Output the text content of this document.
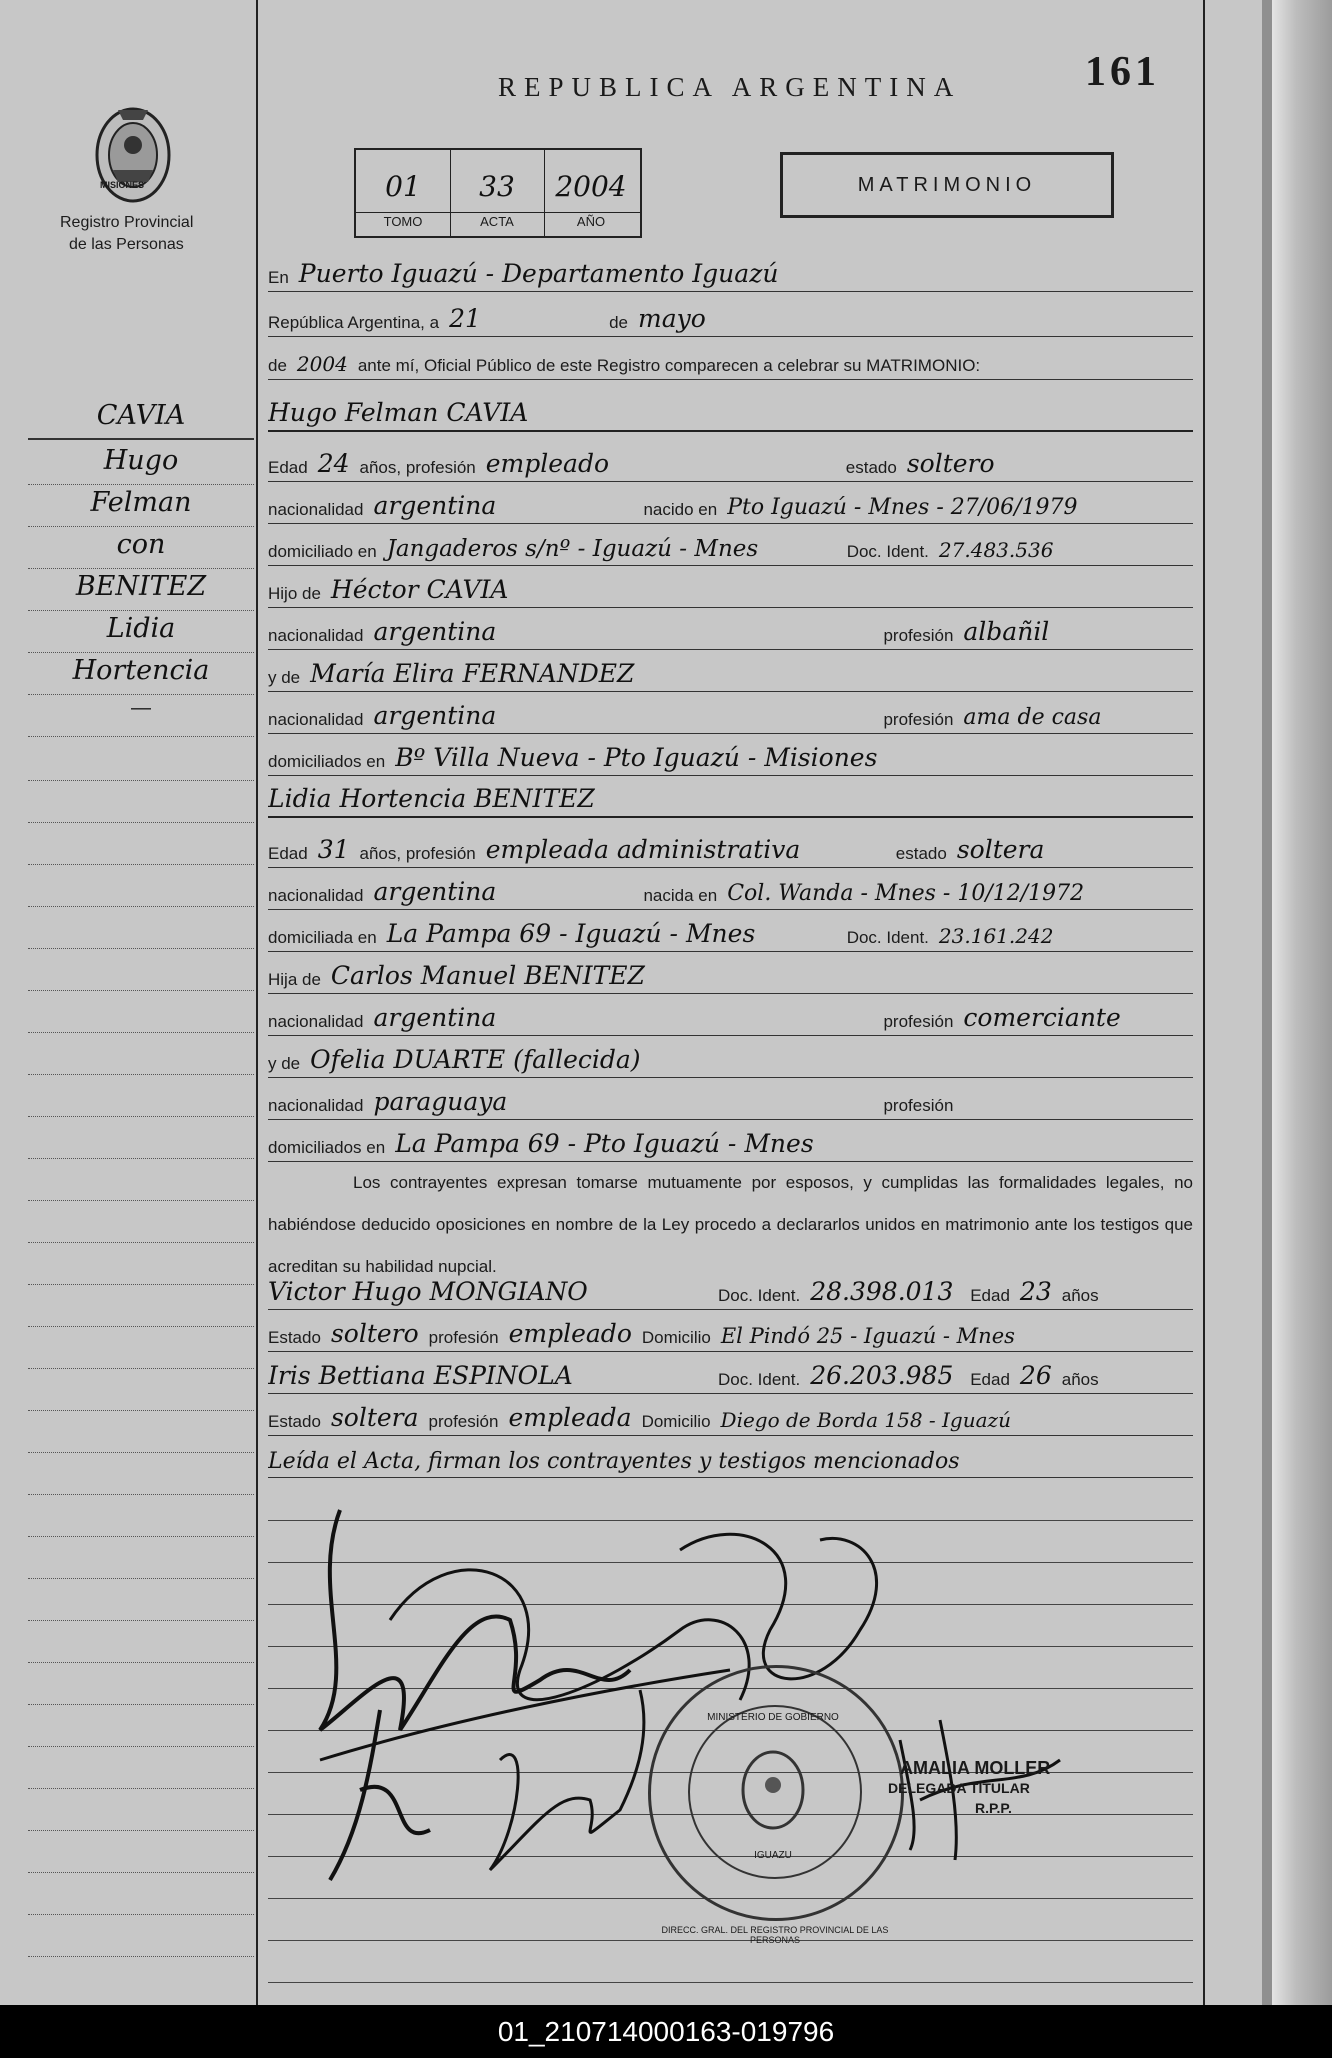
MISIONES
Registro Provincial
de las Personas
REPUBLICA ARGENTINA	161
01	33	2004
TOMO	ACTA	AÑO
MATRIMONIO
CAVIA
Hugo
Felman
con
BENITEZ
Lidia
Hortencia
—
En Puerto Iguazú - Departamento Iguazú
República Argentina, a 21	de mayo
de 2004 ante mí, Oficial Público de este Registro comparecen a celebrar su MATRIMONIO:
Hugo Felman CAVIA
Edad 24 años, profesión empleado	estado soltero
nacionalidad argentina	nacido en Pto Iguazú - Mnes - 27/06/1979
domiciliado en Jangaderos s/nº - Iguazú - Mnes	Doc. Ident. 27.483.536
Hijo de Héctor CAVIA
nacionalidad argentina	profesión albañil
y de María Elira FERNANDEZ
nacionalidad argentina	profesión ama de casa
domiciliados en Bº Villa Nueva - Pto Iguazú - Misiones
Lidia Hortencia BENITEZ
Edad 31 años, profesión empleada administrativa	estado soltera
nacionalidad argentina	nacida en Col. Wanda - Mnes - 10/12/1972
domiciliada en La Pampa 69 - Iguazú - Mnes	Doc. Ident. 23.161.242
Hija de Carlos Manuel BENITEZ
nacionalidad argentina	profesión comerciante
y de Ofelia DUARTE (fallecida)
nacionalidad paraguaya	profesión
domiciliados en La Pampa 69 - Pto Iguazú - Mnes
Los contrayentes expresan tomarse mutuamente por esposos, y cumplidas las formalidades legales, no habiéndose deducido oposiciones en nombre de la Ley procedo a declararlos unidos en matrimonio ante los testigos que acreditan su habilidad nupcial.
Victor Hugo MONGIANO	Doc. Ident. 28.398.013 Edad 23 años
Estado soltero profesión empleado Domicilio El Pindó 25 - Iguazú - Mnes
Iris Bettiana ESPINOLA	Doc. Ident. 26.203.985 Edad 26 años
Estado soltera profesión empleada Domicilio Diego de Borda 158 - Iguazú
Leída el Acta, firman los contrayentes y testigos mencionados
DIRECC. GRAL. DEL REGISTRO PROVINCIAL DE LAS PERSONAS
MINISTERIO DE GOBIERNO
IGUAZU
AMALIA MOLLER
DELEGADA TITULAR
R.P.P.
01_210714000163-019796
